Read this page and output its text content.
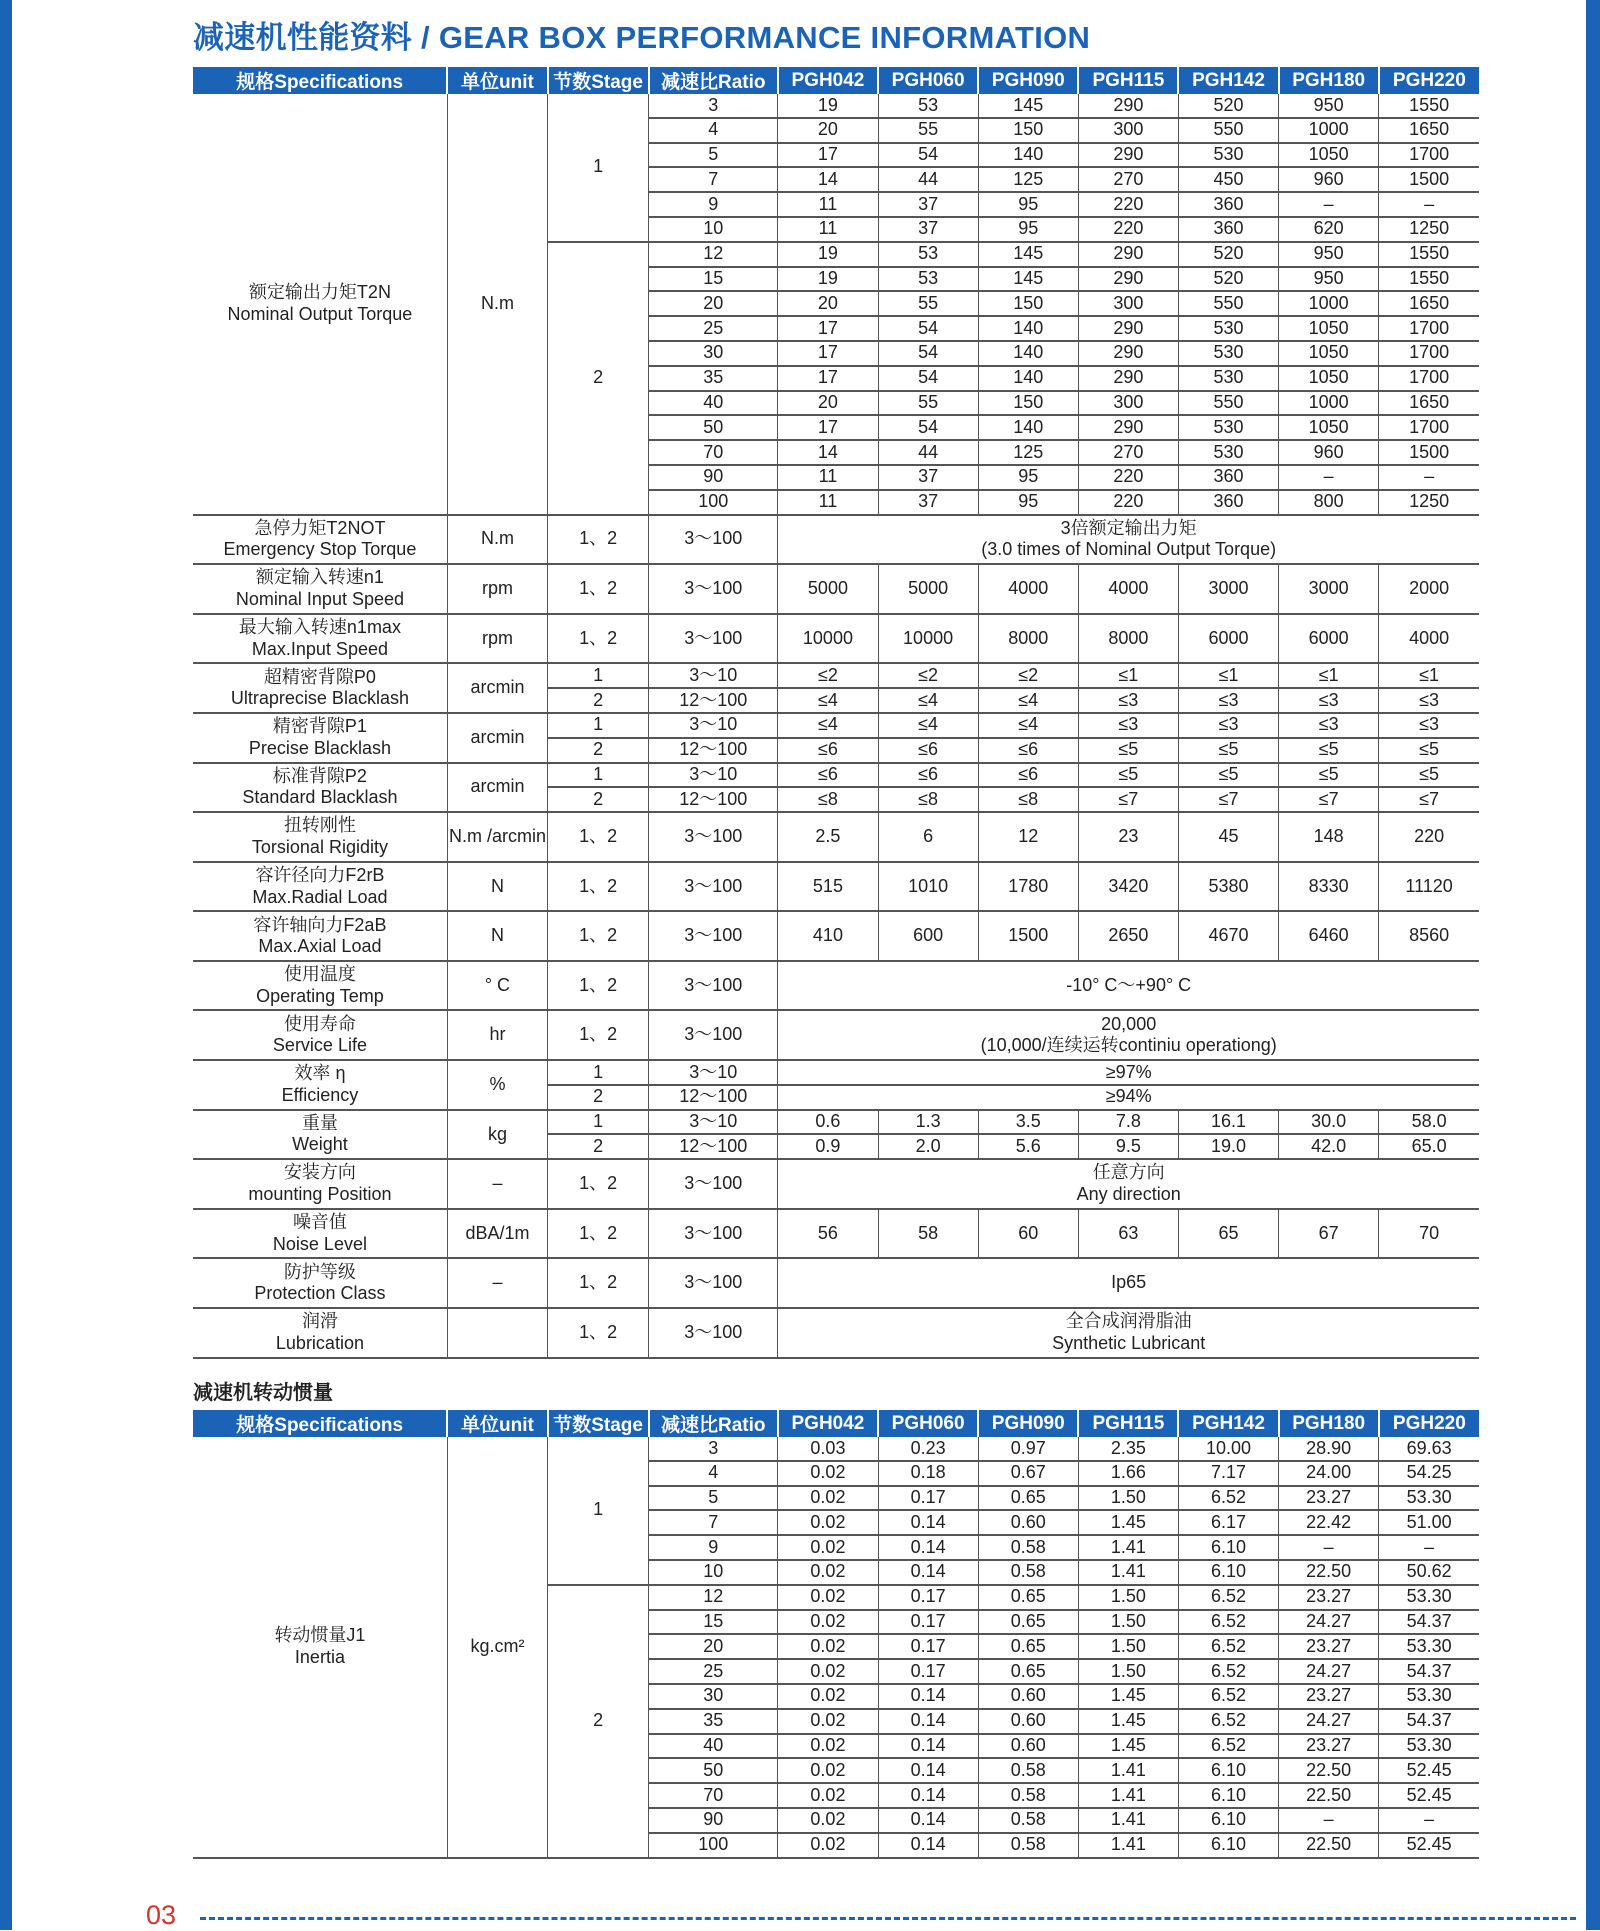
减速机性能资料 / GEAR BOX PERFORMANCE INFORMATION
规格Specifications	单位unit	节数Stage	减速比Ratio	PGH042	PGH060	PGH090	PGH115	PGH142	PGH180	PGH220

额定输出力矩T2N
Nominal Output Torque	N.m	1	3	19	53	145	290	520	950	1550
			4	20	55	150	300	550	1000	1650
			5	17	54	140	290	530	1050	1700
			7	14	44	125	270	450	960	1500
			9	11	37	95	220	360	–	–
			10	11	37	95	220	360	620	1250
		2	12	19	53	145	290	520	950	1550
			15	19	53	145	290	520	950	1550
			20	20	55	150	300	550	1000	1650
			25	17	54	140	290	530	1050	1700
			30	17	54	140	290	530	1050	1700
			35	17	54	140	290	530	1050	1700
			40	20	55	150	300	550	1000	1650
			50	17	54	140	290	530	1050	1700
			70	14	44	125	270	530	960	1500
			90	11	37	95	220	360	–	–
			100	11	37	95	220	360	800	1250

急停力矩T2NOT
Emergency Stop Torque	N.m	1、2	3～100	3倍额定输出力矩
(3.0 times of Nominal Output Torque)						

额定输入转速n1
Nominal Input Speed	rpm	1、2	3～100	5000	5000	4000	4000	3000	3000	2000

最大输入转速n1max
Max.Input Speed	rpm	1、2	3～100	10000	10000	8000	8000	6000	6000	4000

超精密背隙P0
Ultraprecise Blacklash	arcmin	1	3～10	≤2	≤2	≤2	≤1	≤1	≤1	≤1
		2	12～100	≤4	≤4	≤4	≤3	≤3	≤3	≤3

精密背隙P1
Precise Blacklash	arcmin	1	3～10	≤4	≤4	≤4	≤3	≤3	≤3	≤3
		2	12～100	≤6	≤6	≤6	≤5	≤5	≤5	≤5

标准背隙P2
Standard Blacklash	arcmin	1	3～10	≤6	≤6	≤6	≤5	≤5	≤5	≤5
		2	12～100	≤8	≤8	≤8	≤7	≤7	≤7	≤7

扭转刚性
Torsional Rigidity	N.m /arcmin	1、2	3～100	2.5	6	12	23	45	148	220

容许径向力F2rB
Max.Radial Load	N	1、2	3～100	515	1010	1780	3420	5380	8330	11120

容许轴向力F2aB
Max.Axial Load	N	1、2	3～100	410	600	1500	2650	4670	6460	8560

使用温度
Operating Temp	° C	1、2	3～100	-10° C～+90° C						

使用寿命
Service Life	hr	1、2	3～100	20,000
(10,000/连续运转continiu operationg)						

效率 η
Efficiency	%	1	3～10	≥97%						
		2	12～100	≥94%						

重量
Weight	kg	1	3～10	0.6	1.3	3.5	7.8	16.1	30.0	58.0
		2	12～100	0.9	2.0	5.6	9.5	19.0	42.0	65.0

安装方向
mounting Position	–	1、2	3～100	任意方向
Any direction						

噪音值
Noise Level	dBA/1m	1、2	3～100	56	58	60	63	65	67	70

防护等级
Protection Class	–	1、2	3～100	Ip65						

润滑
Lubrication		1、2	3～100	全合成润滑脂油
Synthetic Lubricant						
减速机转动惯量
规格Specifications	单位unit	节数Stage	减速比Ratio	PGH042	PGH060	PGH090	PGH115	PGH142	PGH180	PGH220

转动惯量J1
Inertia	kg.cm²	1	3	0.03	0.23	0.97	2.35	10.00	28.90	69.63
			4	0.02	0.18	0.67	1.66	7.17	24.00	54.25
			5	0.02	0.17	0.65	1.50	6.52	23.27	53.30
			7	0.02	0.14	0.60	1.45	6.17	22.42	51.00
			9	0.02	0.14	0.58	1.41	6.10	–	–
			10	0.02	0.14	0.58	1.41	6.10	22.50	50.62
		2	12	0.02	0.17	0.65	1.50	6.52	23.27	53.30
			15	0.02	0.17	0.65	1.50	6.52	24.27	54.37
			20	0.02	0.17	0.65	1.50	6.52	23.27	53.30
			25	0.02	0.17	0.65	1.50	6.52	24.27	54.37
			30	0.02	0.14	0.60	1.45	6.52	23.27	53.30
			35	0.02	0.14	0.60	1.45	6.52	24.27	54.37
			40	0.02	0.14	0.60	1.45	6.52	23.27	53.30
			50	0.02	0.14	0.58	1.41	6.10	22.50	52.45
			70	0.02	0.14	0.58	1.41	6.10	22.50	52.45
			90	0.02	0.14	0.58	1.41	6.10	–	–
			100	0.02	0.14	0.58	1.41	6.10	22.50	52.45
03
